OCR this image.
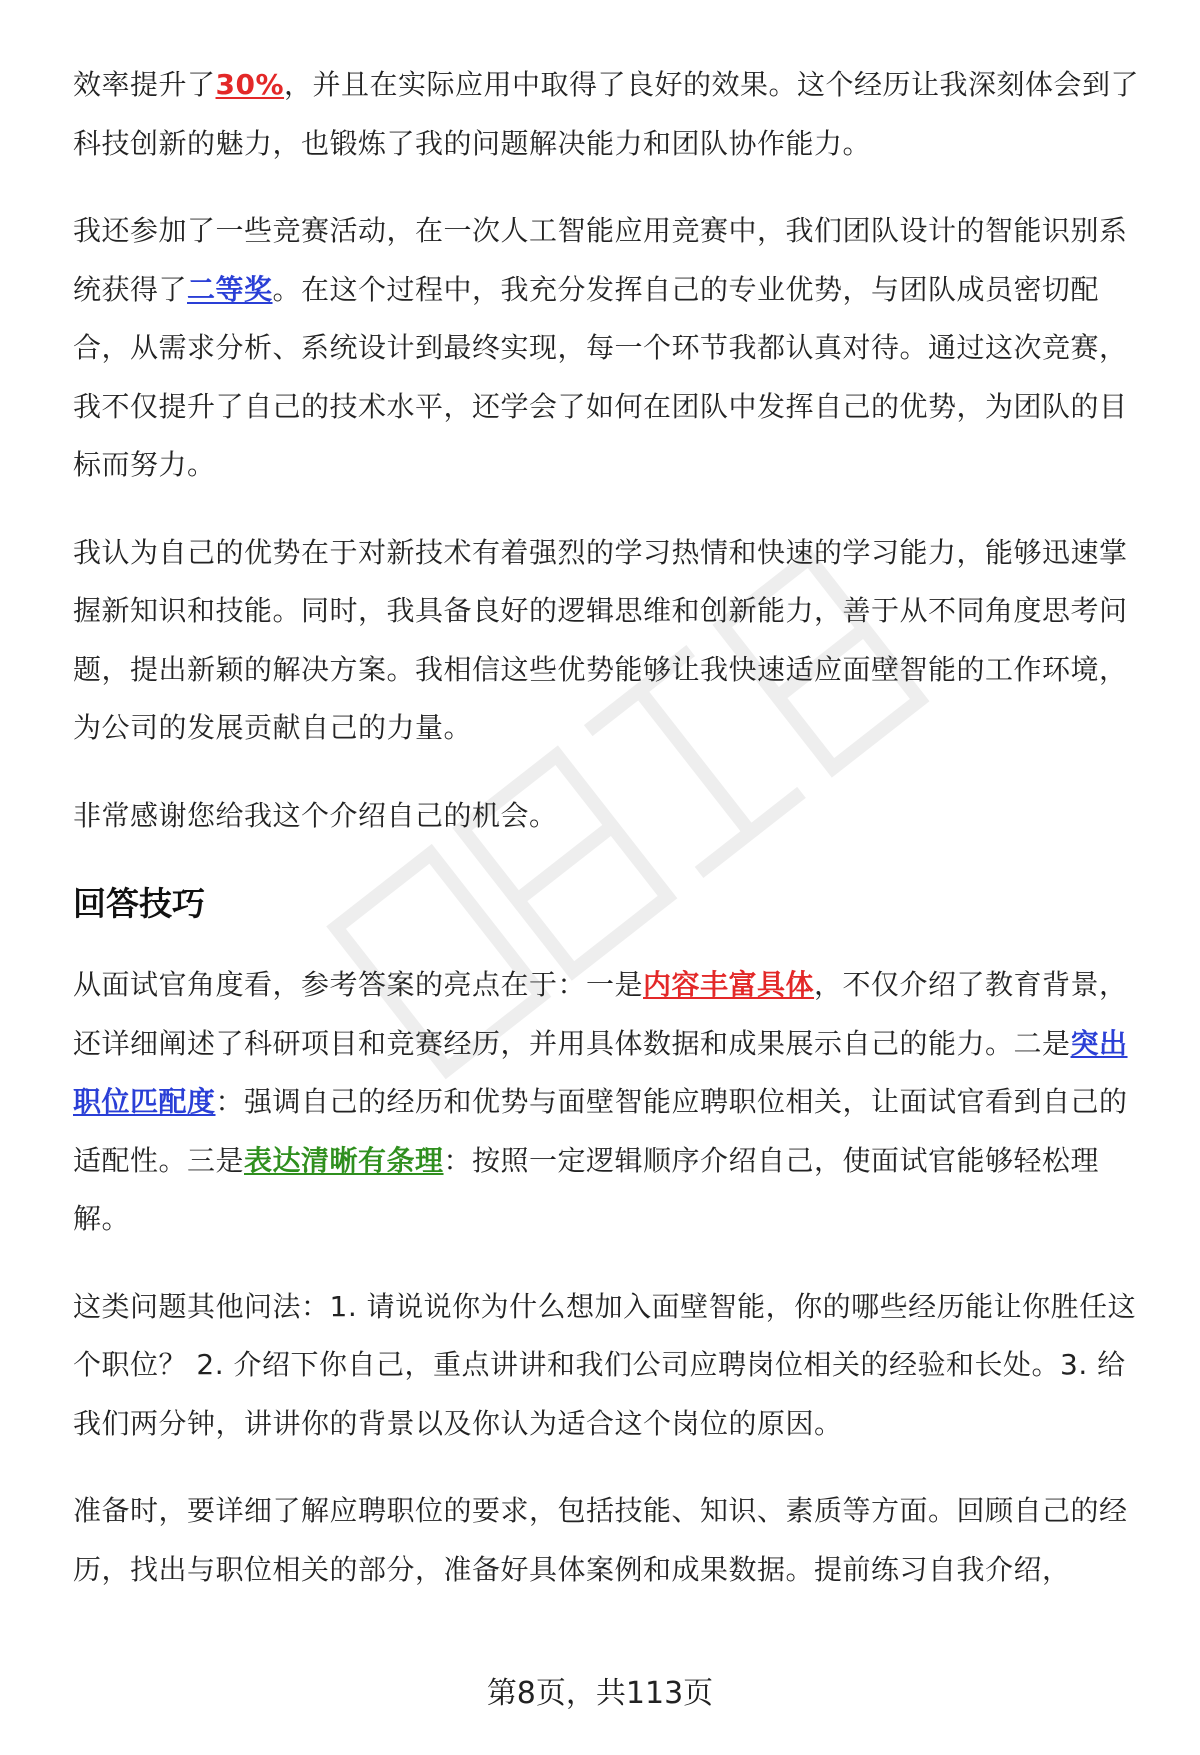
效率提升了30%，并且在实际应用中取得了良好的效果。这个经历让我深刻体会到了科技创新的魅力，也锻炼了我的问题解决能力和团队协作能力。

我还参加了一些竞赛活动，在一次人工智能应用竞赛中，我们团队设计的智能识别系统获得了二等奖。在这个过程中，我充分发挥自己的专业优势，与团队成员密切配合，从需求分析、系统设计到最终实现，每一个环节我都认真对待。通过这次竞赛，我不仅提升了自己的技术水平，还学会了如何在团队中发挥自己的优势，为团队的目标而努力。

我认为自己的优势在于对新技术有着强烈的学习热情和快速的学习能力，能够迅速掌握新知识和技能。同时，我具备良好的逻辑思维和创新能力，善于从不同角度思考问题，提出新颖的解决方案。我相信这些优势能够让我快速适应面壁智能的工作环境，为公司的发展贡献自己的力量。

非常感谢您给我这个介绍自己的机会。

回答技巧

从面试官角度看，参考答案的亮点在于：一是内容丰富具体，不仅介绍了教育背景，还详细阐述了科研项目和竞赛经历，并用具体数据和成果展示自己的能力。二是突出职位匹配度：强调自己的经历和优势与面壁智能应聘职位相关，让面试官看到自己的适配性。三是表达清晰有条理：按照一定逻辑顺序介绍自己，使面试官能够轻松理解。

这类问题其他问法：1. 请说说你为什么想加入面壁智能，你的哪些经历能让你胜任这个职位？ 2. 介绍下你自己，重点讲讲和我们公司应聘岗位相关的经验和长处。3. 给我们两分钟，讲讲你的背景以及你认为适合这个岗位的原因。

准备时，要详细了解应聘职位的要求，包括技能、知识、素质等方面。回顾自己的经历，找出与职位相关的部分，准备好具体案例和成果数据。提前练习自我介绍，

第8页，共113页
